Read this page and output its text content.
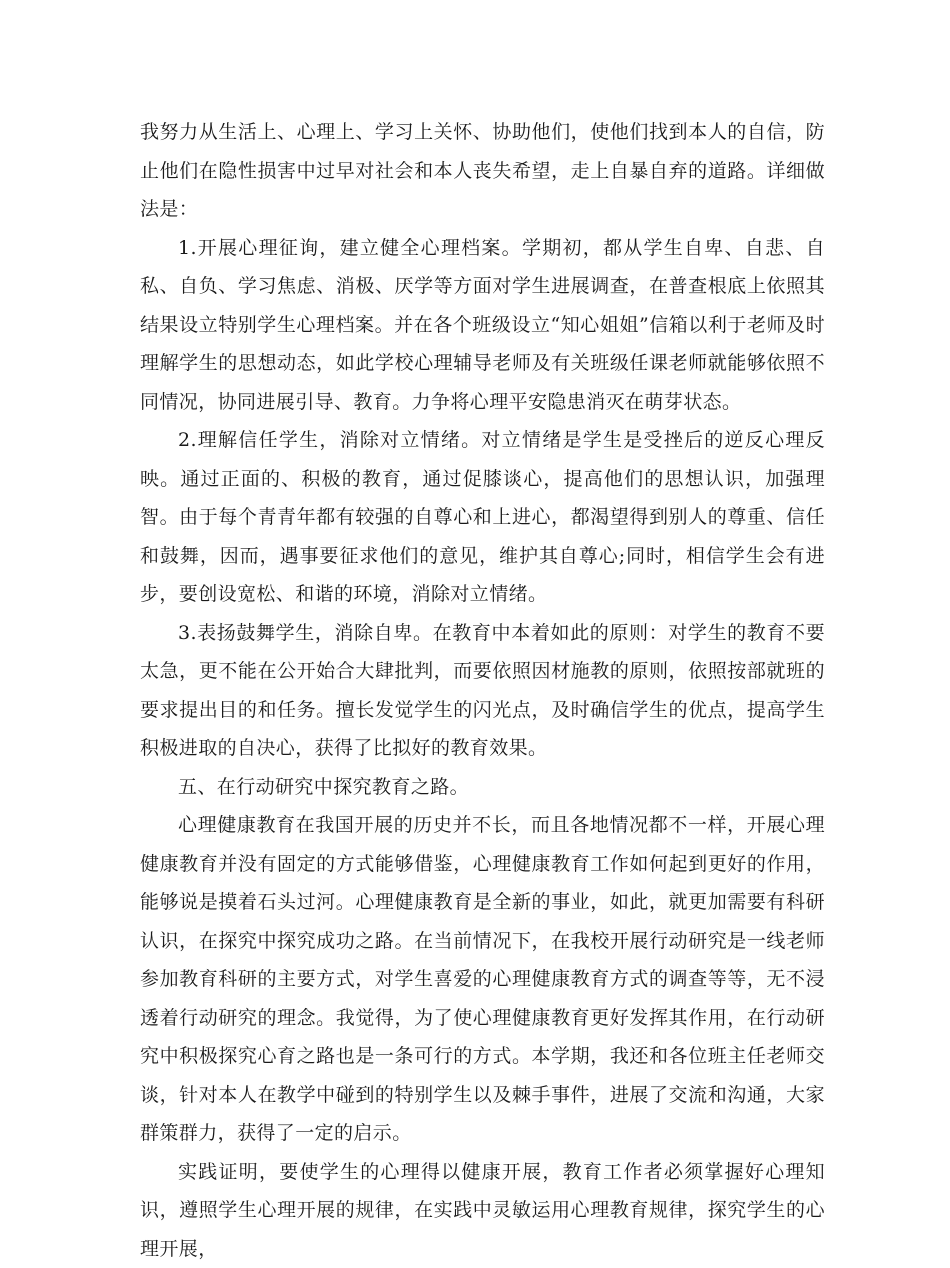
我努力从生活上、心理上、学习上关怀、协助他们，使他们找到本人的自信，防止他们在隐性损害中过早对社会和本人丧失希望，走上自暴自弃的道路。详细做法是：

1.开展心理征询，建立健全心理档案。学期初，都从学生自卑、自悲、自私、自负、学习焦虑、消极、厌学等方面对学生进展调查，在普查根底上依照其结果设立特别学生心理档案。并在各个班级设立“知心姐姐”信箱以利于老师及时理解学生的思想动态，如此学校心理辅导老师及有关班级任课老师就能够依照不同情况，协同进展引导、教育。力争将心理平安隐患消灭在萌芽状态。

2.理解信任学生，消除对立情绪。对立情绪是学生是受挫后的逆反心理反映。通过正面的、积极的教育，通过促膝谈心，提高他们的思想认识，加强理智。由于每个青青年都有较强的自尊心和上进心，都渴望得到别人的尊重、信任和鼓舞，因而，遇事要征求他们的意见，维护其自尊心;同时，相信学生会有进步，要创设宽松、和谐的环境，消除对立情绪。

3.表扬鼓舞学生，消除自卑。在教育中本着如此的原则：对学生的教育不要太急，更不能在公开始合大肆批判，而要依照因材施教的原则，依照按部就班的要求提出目的和任务。擅长发觉学生的闪光点，及时确信学生的优点，提高学生积极进取的自决心，获得了比拟好的教育效果。

五、在行动研究中探究教育之路。

心理健康教育在我国开展的历史并不长，而且各地情况都不一样，开展心理健康教育并没有固定的方式能够借鉴，心理健康教育工作如何起到更好的作用，能够说是摸着石头过河。心理健康教育是全新的事业，如此，就更加需要有科研认识，在探究中探究成功之路。在当前情况下，在我校开展行动研究是一线老师参加教育科研的主要方式，对学生喜爱的心理健康教育方式的调查等等，无不浸透着行动研究的理念。我觉得，为了使心理健康教育更好发挥其作用，在行动研究中积极探究心育之路也是一条可行的方式。本学期，我还和各位班主任老师交谈，针对本人在教学中碰到的特别学生以及棘手事件，进展了交流和沟通，大家群策群力，获得了一定的启示。

实践证明，要使学生的心理得以健康开展，教育工作者必须掌握好心理知识，遵照学生心理开展的规律，在实践中灵敏运用心理教育规律，探究学生的心理开展，
